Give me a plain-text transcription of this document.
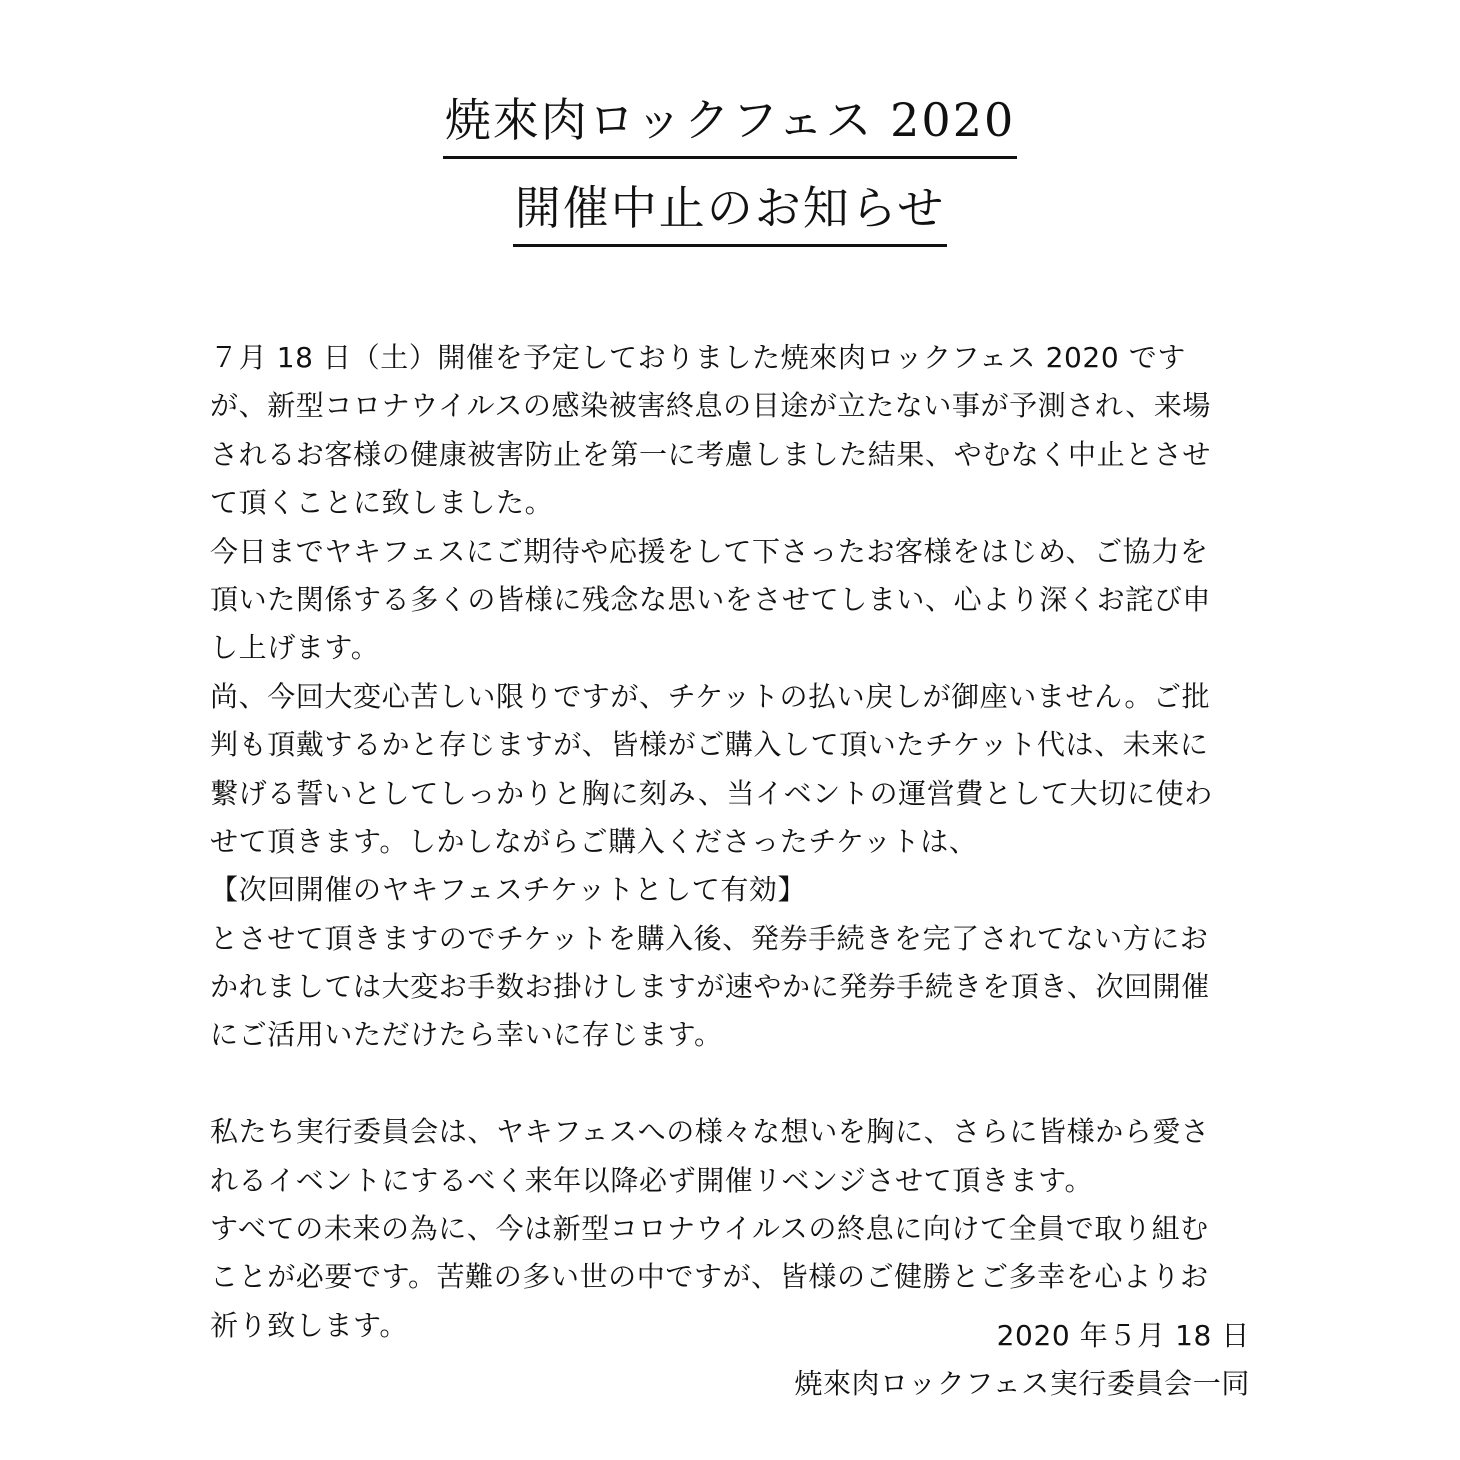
焼來肉ロックフェス 2020
開催中止のお知らせ
７月 18 日（土）開催を予定しておりました焼來肉ロックフェス 2020 です
が、新型コロナウイルスの感染被害終息の目途が立たない事が予測され、来場
されるお客様の健康被害防止を第一に考慮しました結果、やむなく中止とさせ
て頂くことに致しました。
今日までヤキフェスにご期待や応援をして下さったお客様をはじめ、ご協力を
頂いた関係する多くの皆様に残念な思いをさせてしまい、心より深くお詫び申
し上げます。
尚、今回大変心苦しい限りですが、チケットの払い戻しが御座いません。ご批
判も頂戴するかと存じますが、皆様がご購入して頂いたチケット代は、未来に
繋げる誓いとしてしっかりと胸に刻み、当イベントの運営費として大切に使わ
せて頂きます。しかしながらご購入くださったチケットは、
【次回開催のヤキフェスチケットとして有効】
とさせて頂きますのでチケットを購入後、発券手続きを完了されてない方にお
かれましては大変お手数お掛けしますが速やかに発券手続きを頂き、次回開催
にご活用いただけたら幸いに存じます。
私たち実行委員会は、ヤキフェスへの様々な想いを胸に、さらに皆様から愛さ
れるイベントにするべく来年以降必ず開催リベンジさせて頂きます。
すべての未来の為に、今は新型コロナウイルスの終息に向けて全員で取り組む
ことが必要です。苦難の多い世の中ですが、皆様のご健勝とご多幸を心よりお
祈り致します。	2020 年５月 18 日
焼來肉ロックフェス実行委員会一同
